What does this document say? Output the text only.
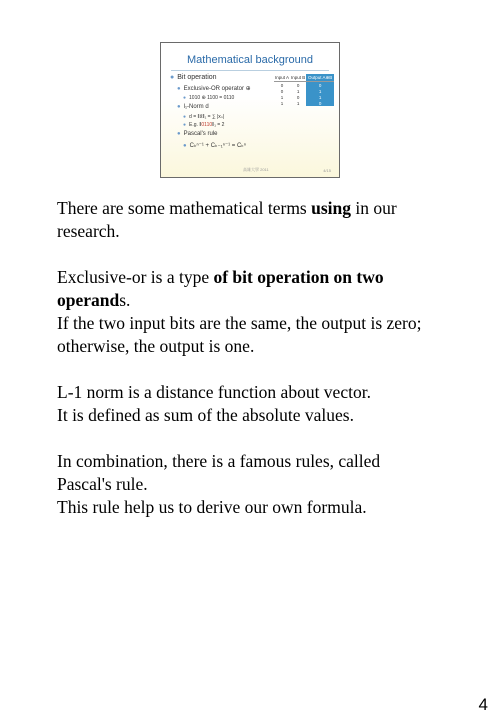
Mathematical background
● Bit operation
● Exclusive-OR operator ⊕
● 1010 ⊕ 1100 = 0110
● l₁-Norm d
● d = ‖x⃗‖₁ = ∑ |xₙ|
● E.g. ‖0110‖₁ = 2
● Pascal's rule
● Cₖⁿ⁻¹ + Cₖ₋₁ⁿ⁻¹ = Cₖⁿ
Input A	Input B	Output A⊕B
0	0	0
0	1	1
1	0	1
1	1	0
高雄大學 2011	4/15
There are some mathematical terms using in our
research.
Exclusive-or is a type of bit operation on two
operands.
If the two input bits are the same, the output is zero;
otherwise, the output is one.
L-1 norm is a distance function about vector.
It is defined as sum of the absolute values.
In combination, there is a famous rules, called
Pascal's rule.
This rule help us to derive our own formula.
4
